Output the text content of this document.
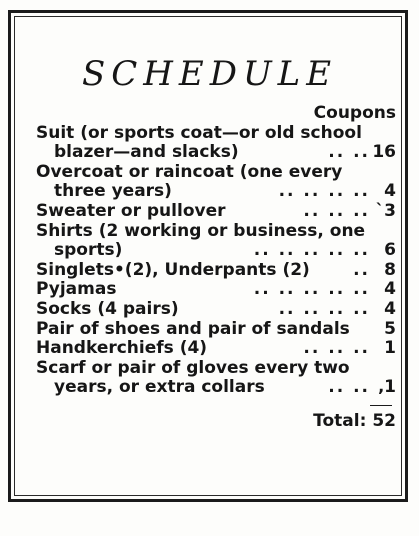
SCHEDULE
Coupons
Suit (or sports coat—or old school
blazer—and slacks)	.. .. 16
Overcoat or raincoat (one every
three years)	.. .. .. .. 4
Sweater or pullover	.. .. .. `3
Shirts (2 working or business, one
sports)	.. .. .. .. .. 6
Singlets•(2), Underpants (2)	.. 8
Pyjamas	.. .. .. .. .. 4
Socks (4 pairs)	.. .. .. .. 4
Pair of shoes and pair of sandals	5
Handkerchiefs (4)	.. .. .. 1
Scarf or pair of gloves every two
years, or extra collars	.. .. ‚1
Total: 52
